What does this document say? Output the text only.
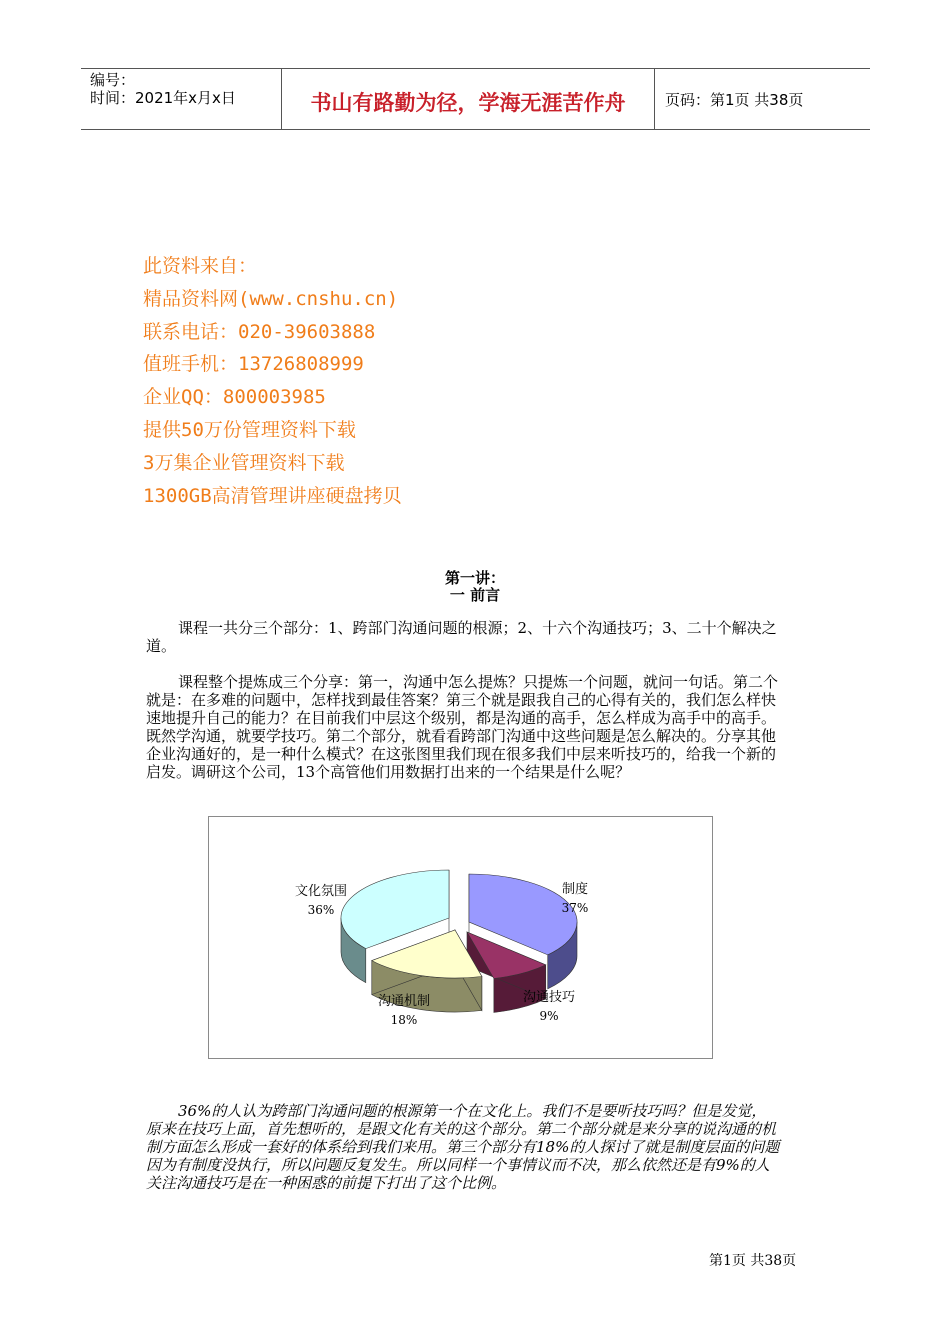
编号：
时间：2021年x月x日	书山有路勤为径，学海无涯苦作舟	页码：第1页 共38页
此资料来自：
精品资料网(www.cnshu.cn)
联系电话：020-39603888
值班手机：13726808999
企业QQ：800003985
提供50万份管理资料下载
3万集企业管理资料下载
1300GB高清管理讲座硬盘拷贝
第一讲：
一 前言

课程一共分三个部分：1、跨部门沟通问题的根源；2、十六个沟通技巧；3、二十个解决之道。

课程整个提炼成三个分享：第一，沟通中怎么提炼？只提炼一个问题，就问一句话。第二个就是：在多难的问题中，怎样找到最佳答案？第三个就是跟我自己的心得有关的，我们怎么样快速地提升自己的能力？在目前我们中层这个级别，都是沟通的高手，怎么样成为高手中的高手。既然学沟通，就要学技巧。第二个部分，就看看跨部门沟通中这些问题是怎么解决的。分享其他企业沟通好的，是一种什么模式？在这张图里我们现在很多我们中层来听技巧的，给我一个新的启发。调研这个公司，13个高管他们用数据打出来的一个结果是什么呢？

制度
37%
沟通技巧
9%
沟通机制
18%
文化氛围
36%

36%的人认为跨部门沟通问题的根源第一个在文化上。我们不是要听技巧吗？但是发觉，原来在技巧上面，首先想听的，是跟文化有关的这个部分。第二个部分就是来分享的说沟通的机制方面怎么形成一套好的体系给到我们来用。第三个部分有18%的人探讨了就是制度层面的问题因为有制度没执行，所以问题反复发生。所以同样一个事情议而不决，那么依然还是有9%的人关注沟通技巧是在一种困惑的前提下打出了这个比例。

第1页 共38页
